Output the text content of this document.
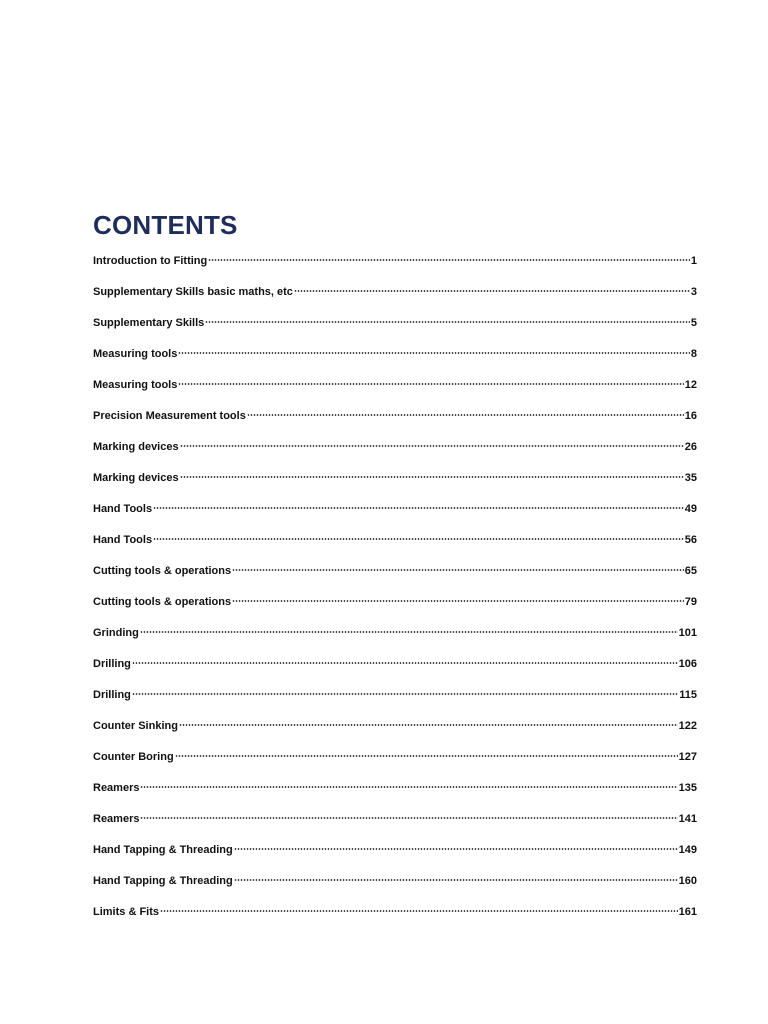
CONTENTS
Introduction to Fitting	1
Supplementary Skills basic maths, etc	3
Supplementary Skills	5
Measuring tools	8
Measuring tools	12
Precision Measurement tools	16
Marking devices	26
Marking devices	35
Hand Tools	49
Hand Tools	56
Cutting tools & operations	65
Cutting tools & operations	79
Grinding	101
Drilling	106
Drilling	115
Counter Sinking	122
Counter Boring	127
Reamers	135
Reamers	141
Hand Tapping & Threading	149
Hand Tapping & Threading	160
Limits & Fits	161
